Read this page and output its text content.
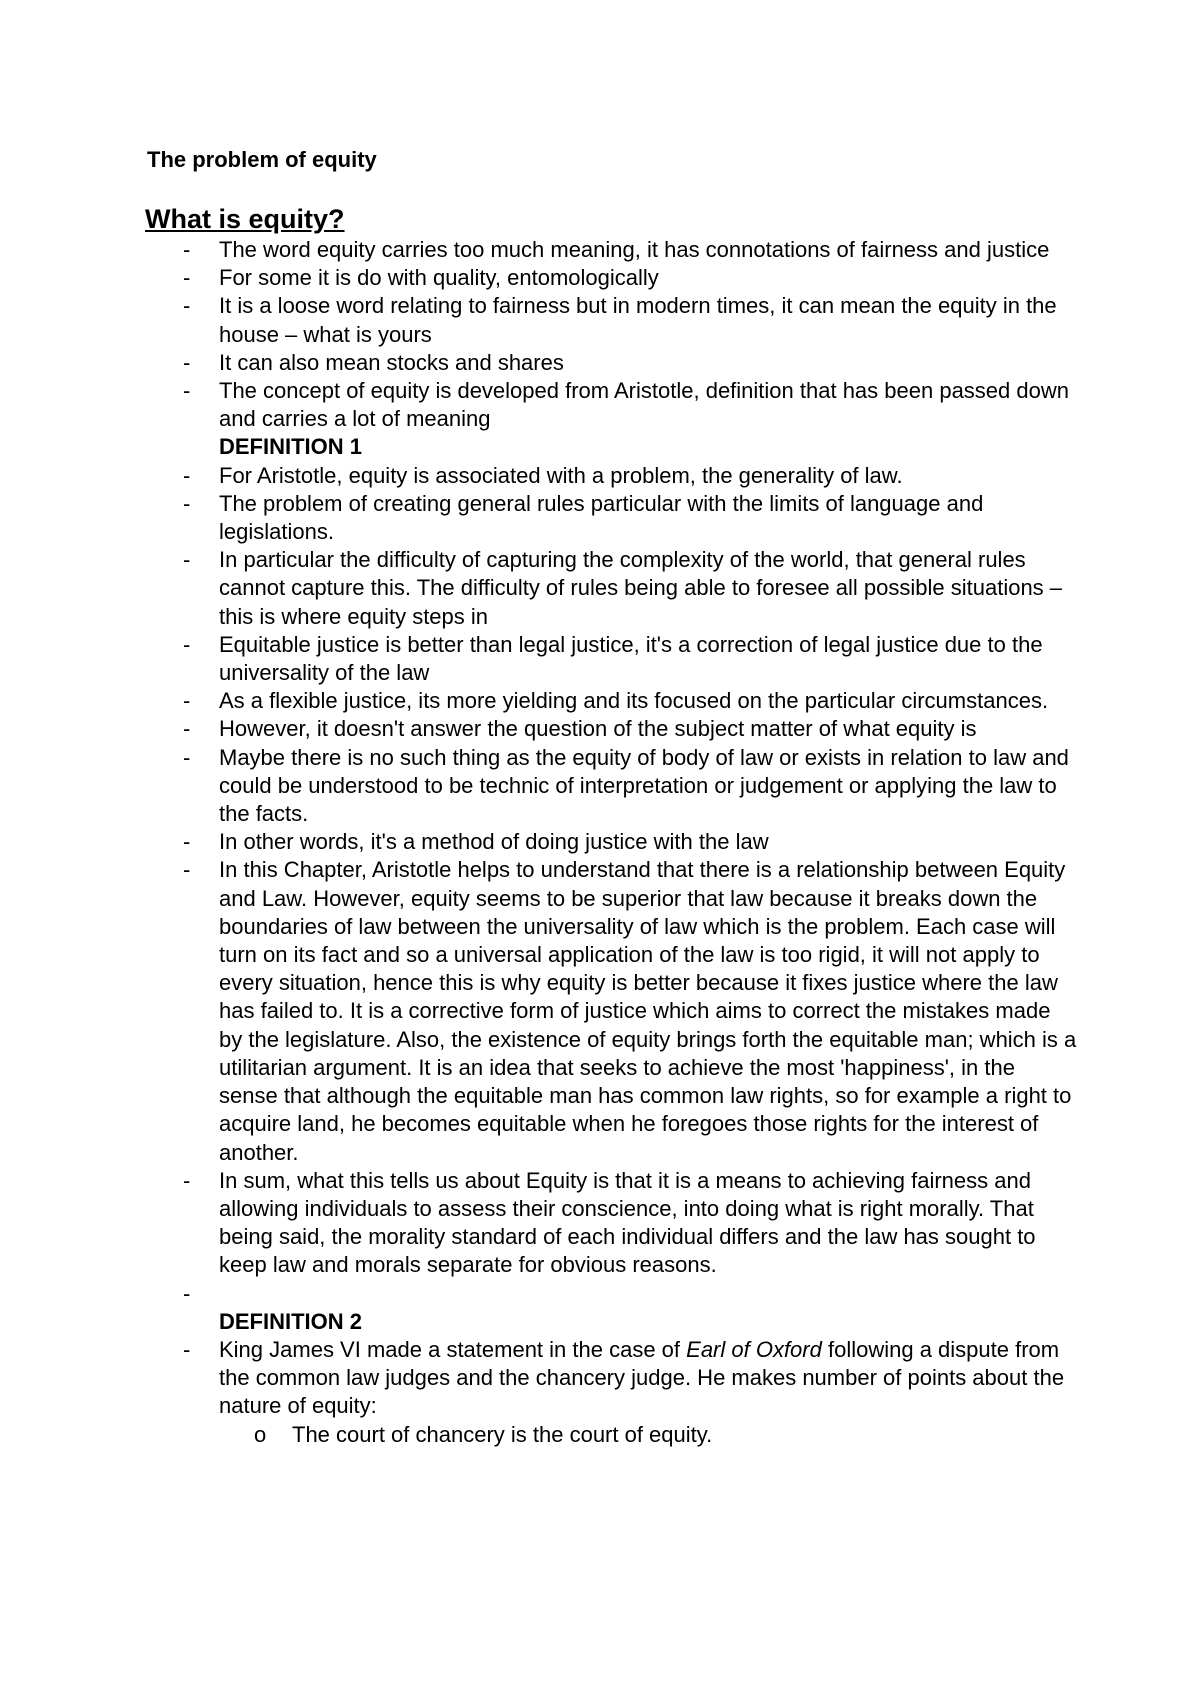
The problem of equity
What is equity?
-	The word equity carries too much meaning, it has connotations of fairness and justice
-	For some it is do with quality, entomologically
-	It is a loose word relating to fairness but in modern times, it can mean the equity in the house – what is yours
-	It can also mean stocks and shares
-	The concept of equity is developed from Aristotle, definition that has been passed down and carries a lot of meaning
DEFINITION 1
-	For Aristotle, equity is associated with a problem, the generality of law.
-	The problem of creating general rules particular with the limits of language and legislations.
-	In particular the difficulty of capturing the complexity of the world, that general rules cannot capture this. The difficulty of rules being able to foresee all possible situations – this is where equity steps in
-	Equitable justice is better than legal justice, it's a correction of legal justice due to the universality of the law
-	As a flexible justice, its more yielding and its focused on the particular circumstances.
-	However, it doesn't answer the question of the subject matter of what equity is
-	Maybe there is no such thing as the equity of body of law or exists in relation to law and could be understood to be technic of interpretation or judgement or applying the law to the facts.
-	In other words, it's a method of doing justice with the law
-	In this Chapter, Aristotle helps to understand that there is a relationship between Equity and Law. However, equity seems to be superior that law because it breaks down the boundaries of law between the universality of law which is the problem. Each case will turn on its fact and so a universal application of the law is too rigid, it will not apply to every situation, hence this is why equity is better because it fixes justice where the law has failed to. It is a corrective form of justice which aims to correct the mistakes made by the legislature. Also, the existence of equity brings forth the equitable man; which is a utilitarian argument. It is an idea that seeks to achieve the most 'happiness', in the sense that although the equitable man has common law rights, so for example a right to acquire land, he becomes equitable when he foregoes those rights for the interest of another.
-	In sum, what this tells us about Equity is that it is a means to achieving fairness and allowing individuals to assess their conscience, into doing what is right morally. That being said, the morality standard of each individual differs and the law has sought to keep law and morals separate for obvious reasons.
-
DEFINITION 2
-	King James VI made a statement in the case of Earl of Oxford following a dispute from the common law judges and the chancery judge. He makes number of points about the nature of equity:
o	The court of chancery is the court of equity.
